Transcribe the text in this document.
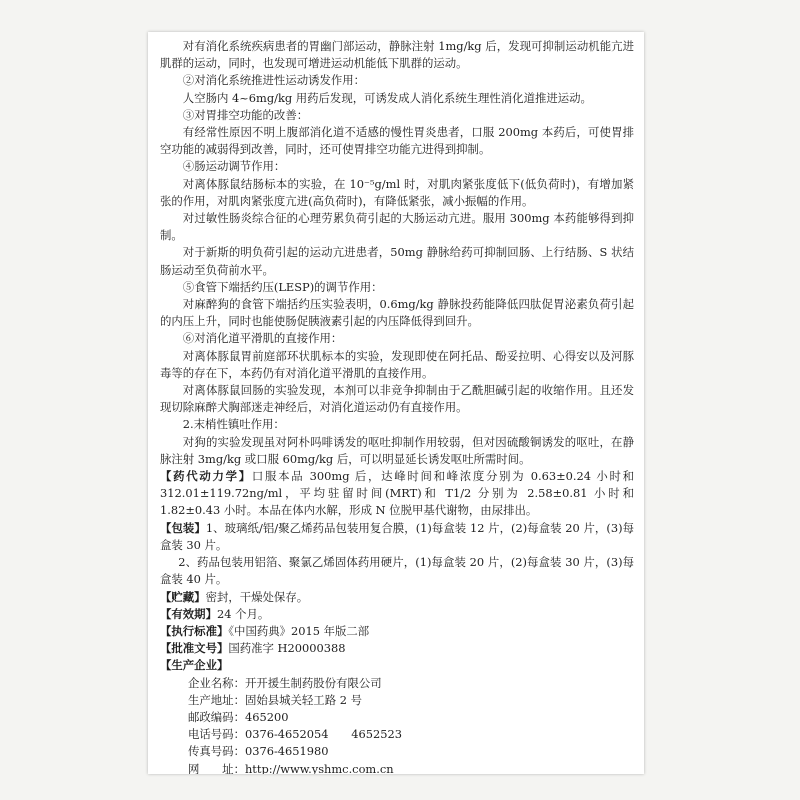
对有消化系统疾病患者的胃幽门部运动，静脉注射 1mg/kg 后，发现可抑制运动机能亢进肌群的运动，同时，也发现可增进运动机能低下肌群的运动。

②对消化系统推进性运动诱发作用：

人空肠内 4~6mg/kg 用药后发现，可诱发成人消化系统生理性消化道推进运动。

③对胃排空功能的改善：

有经常性原因不明上腹部消化道不适感的慢性胃炎患者，口服 200mg 本药后，可使胃排空功能的减弱得到改善，同时，还可使胃排空功能亢进得到抑制。

④肠运动调节作用：

对离体豚鼠结肠标本的实验，在 10⁻⁵g/ml 时，对肌肉紧张度低下(低负荷时)，有增加紧张的作用，对肌肉紧张度亢进(高负荷时)，有降低紧张，减小振幅的作用。

对过敏性肠炎综合征的心理劳累负荷引起的大肠运动亢进。服用 300mg 本药能够得到抑制。

对于新斯的明负荷引起的运动亢进患者，50mg 静脉给药可抑制回肠、上行结肠、S 状结肠运动至负荷前水平。

⑤食管下端括约压(LESP)的调节作用：

对麻醉狗的食管下端括约压实验表明，0.6mg/kg 静脉投药能降低四肽促胃泌素负荷引起的内压上升，同时也能使肠促胰液素引起的内压降低得到回升。

⑥对消化道平滑肌的直接作用：

对离体豚鼠胃前庭部环状肌标本的实验，发现即使在阿托品、酚妥拉明、心得安以及河豚毒等的存在下，本药仍有对消化道平滑肌的直接作用。

对离体豚鼠回肠的实验发现，本剂可以非竞争抑制由于乙酰胆碱引起的收缩作用。且还发现切除麻醉犬胸部迷走神经后，对消化道运动仍有直接作用。

2.末梢性镇吐作用：

对狗的实验发现虽对阿朴吗啡诱发的呕吐抑制作用较弱，但对因硫酸铜诱发的呕吐，在静脉注射 3mg/kg 或口服 60mg/kg 后，可以明显延长诱发呕吐所需时间。

【药代动力学】口服本品 300mg 后，达峰时间和峰浓度分别为 0.63±0.24 小时和 312.01±119.72ng/ml，平均驻留时间(MRT)和 T1/2 分别为 2.58±0.81 小时和 1.82±0.43 小时。本品在体内水解，形成 N 位脱甲基代谢物，由尿排出。

【包装】1、玻璃纸/铝/聚乙烯药品包装用复合膜，(1)每盒装 12 片，(2)每盒装 20 片，(3)每盒装 30 片。

2、药品包装用铝箔、聚氯乙烯固体药用硬片，(1)每盒装 20 片，(2)每盒装 30 片，(3)每盒装 40 片。

【贮藏】密封，干燥处保存。

【有效期】24 个月。

【执行标准】《中国药典》2015 年版二部

【批准文号】国药准字 H20000388

【生产企业】

企业名称：开开援生制药股份有限公司

生产地址：固始县城关轻工路 2 号

邮政编码：465200

电话号码：0376-4652054　　4652523

传真号码：0376-4651980

网　　址：http://www.yshmc.com.cn
